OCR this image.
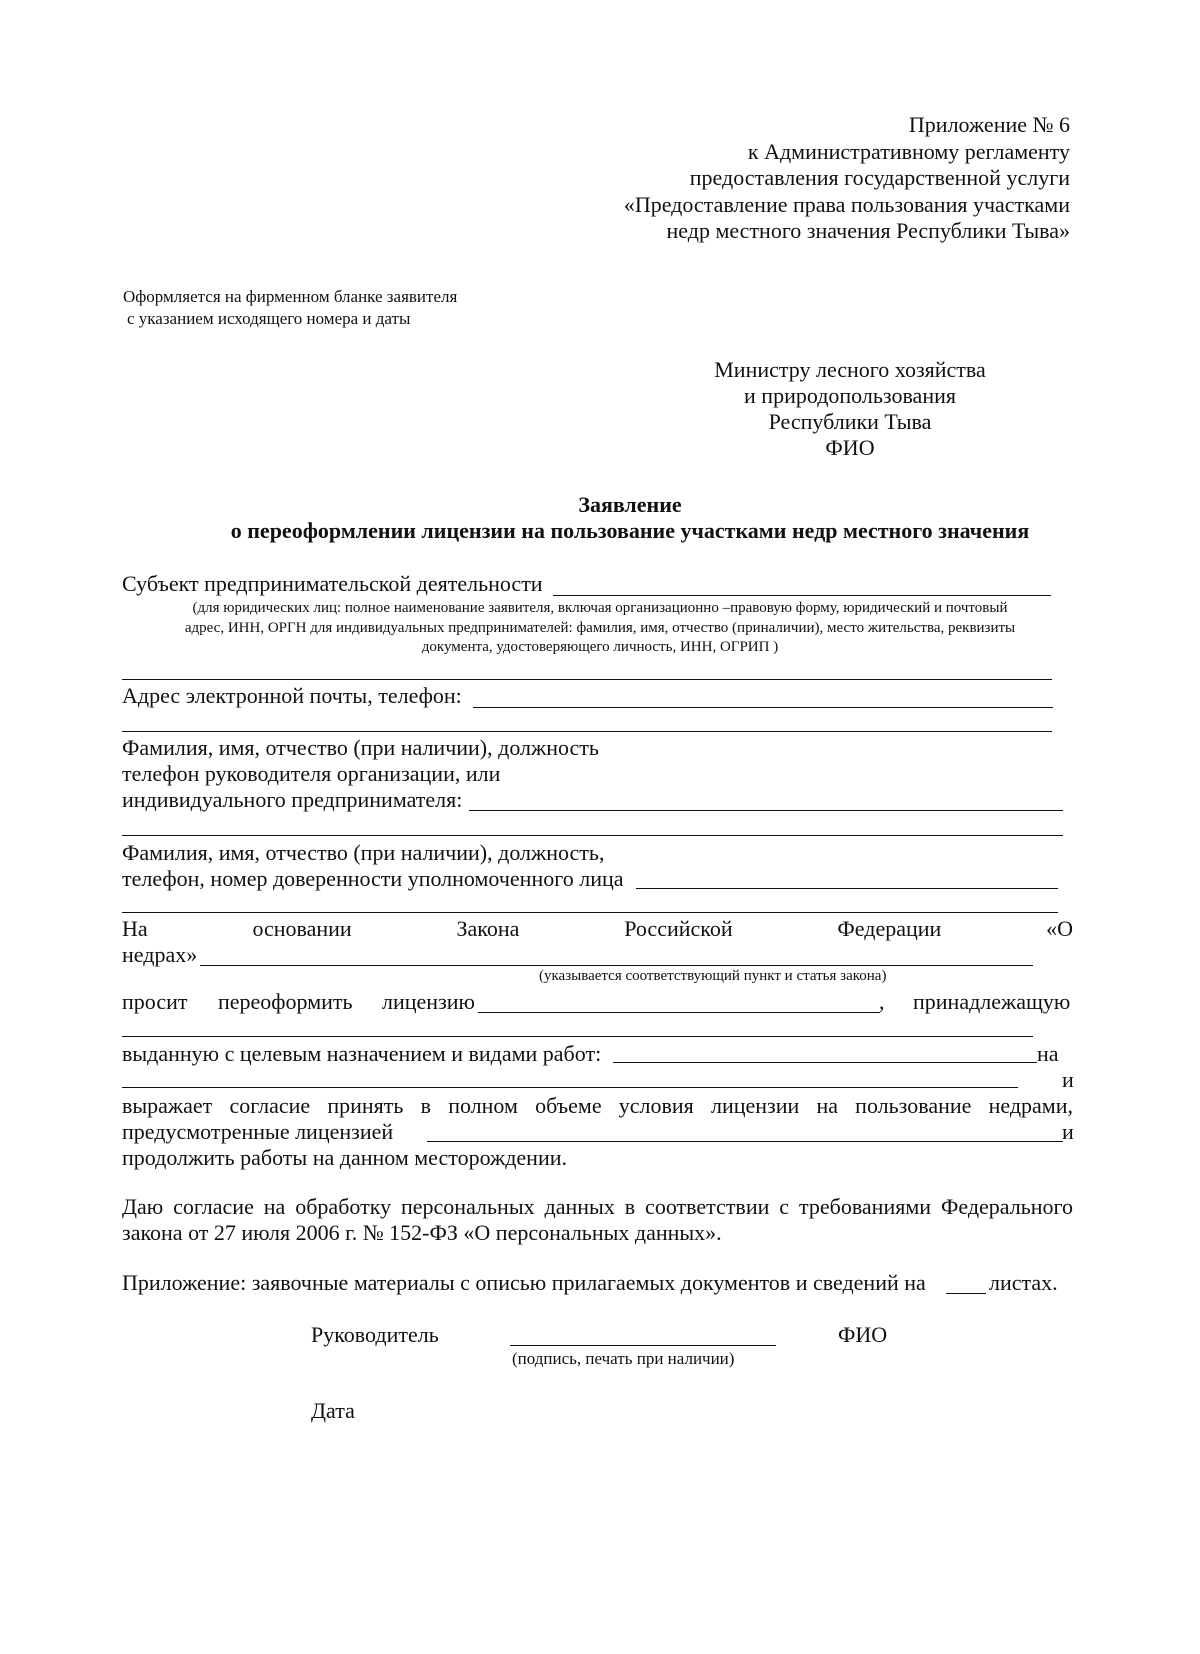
Приложение № 6
к Административному регламенту
предоставления государственной услуги
«Предоставление права пользования участками
недр местного значения Республики Тыва»
Оформляется на фирменном бланке заявителя
с указанием исходящего номера и даты
Министру лесного хозяйства
и природопользования
Республики Тыва
ФИО
Заявление
о переоформлении лицензии на пользование участками недр местного значения
Субъект предпринимательской деятельности
(для юридических лиц: полное наименование заявителя, включая организационно –правовую форму, юридический и почтовый
адрес, ИНН, ОРГН для индивидуальных предпринимателей: фамилия, имя, отчество (приналичии), место жительства, реквизиты
документа, удостоверяющего личность, ИНН, ОГРИП )
Адрес электронной почты, телефон:
Фамилия, имя, отчество (при наличии), должность
телефон руководителя организации, или
индивидуального предпринимателя:
Фамилия, имя, отчество (при наличии), должность,
телефон, номер доверенности уполномоченного лица
На	основании	Закона	Российской	Федерации	«О
недрах»
(указывается соответствующий пункт и статья закона)
просит переоформить лицензию	, принадлежащую
выданную с целевым назначением и видами работ:	на
и
выражает согласие принять в полном объеме условия лицензии на пользование недрами,
предусмотренные лицензией	и
продолжить работы на данном месторождении.
Даю согласие на обработку персональных данных в соответствии с требованиями Федерального
закона от 27 июля 2006 г. № 152-ФЗ «О персональных данных».
Приложение: заявочные материалы с описью прилагаемых документов и сведений на	листах.
Руководитель	ФИО
(подпись, печать при наличии)
Дата
